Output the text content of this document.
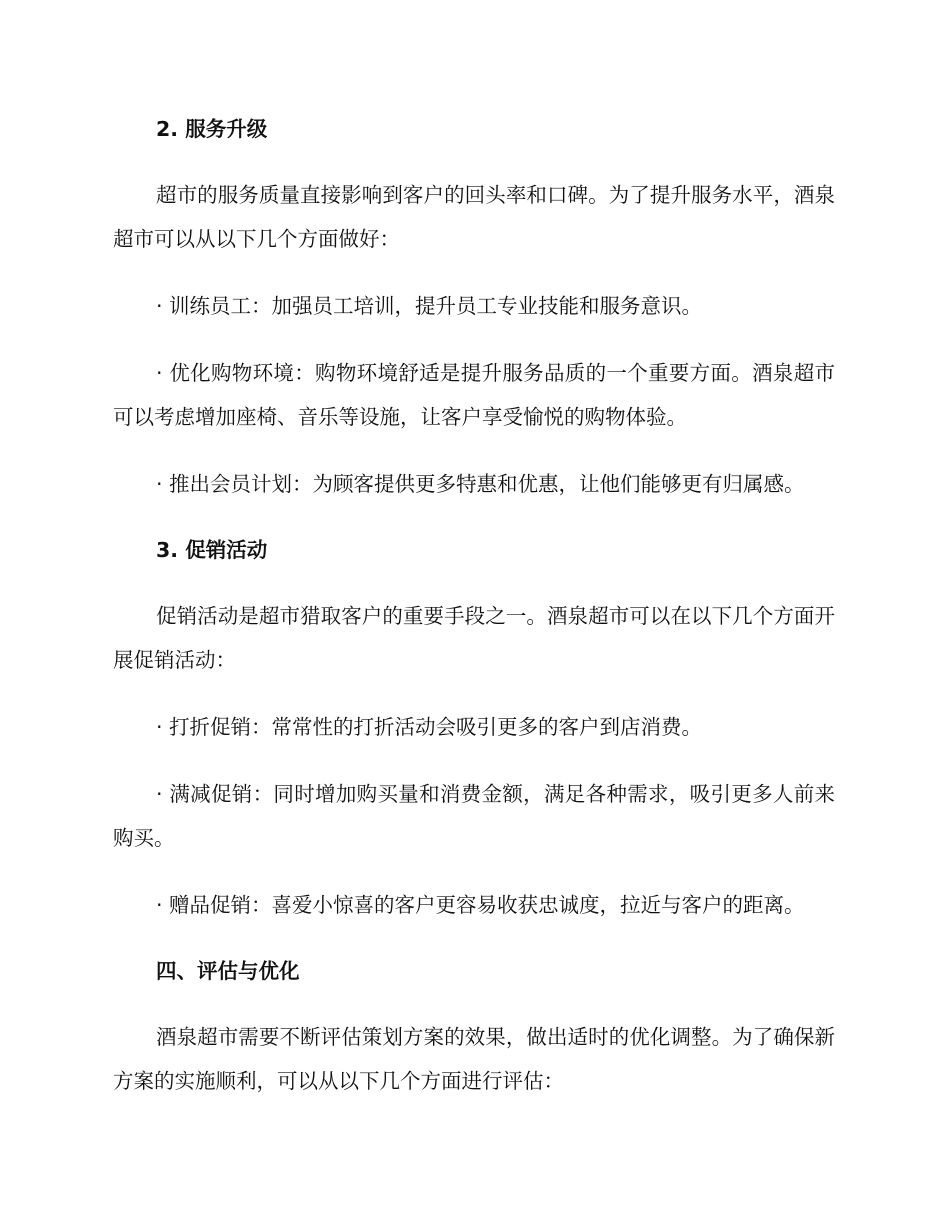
2. 服务升级
超市的服务质量直接影响到客户的回头率和口碑。为了提升服务水平，酒泉超市可以从以下几个方面做好：
· 训练员工：加强员工培训，提升员工专业技能和服务意识。
· 优化购物环境：购物环境舒适是提升服务品质的一个重要方面。酒泉超市可以考虑增加座椅、音乐等设施，让客户享受愉悦的购物体验。
· 推出会员计划：为顾客提供更多特惠和优惠，让他们能够更有归属感。
3. 促销活动
促销活动是超市猎取客户的重要手段之一。酒泉超市可以在以下几个方面开展促销活动：
· 打折促销：常常性的打折活动会吸引更多的客户到店消费。
· 满减促销：同时增加购买量和消费金额，满足各种需求，吸引更多人前来购买。
· 赠品促销：喜爱小惊喜的客户更容易收获忠诚度，拉近与客户的距离。
四、评估与优化
酒泉超市需要不断评估策划方案的效果，做出适时的优化调整。为了确保新方案的实施顺利，可以从以下几个方面进行评估：
